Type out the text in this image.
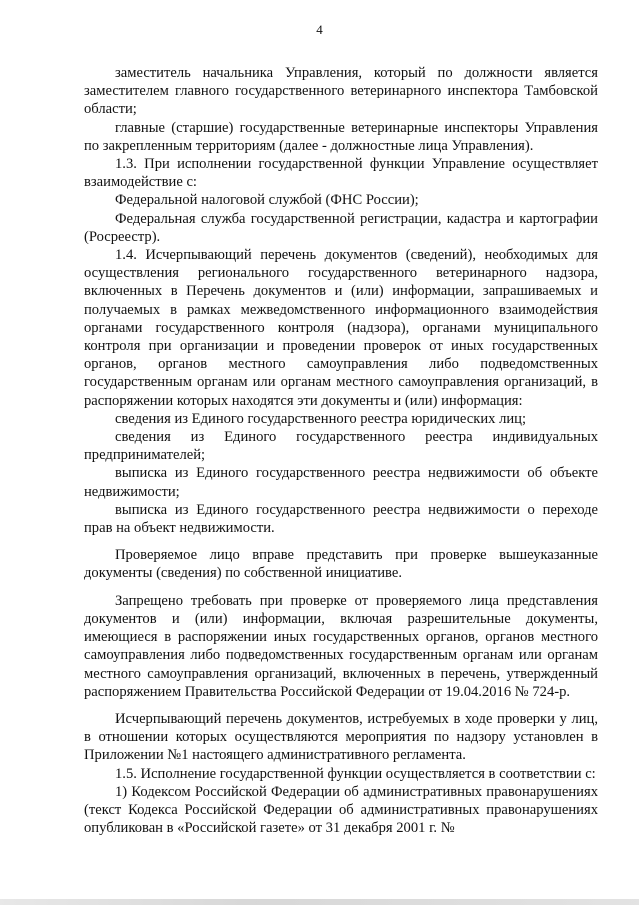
4

заместитель начальника Управления, который по должности является заместителем главного государственного ветеринарного инспектора Тамбовской области;

главные (старшие) государственные ветеринарные инспекторы Управления по закрепленным территориям (далее - должностные лица Управления).

1.3. При исполнении государственной функции Управление осуществляет взаимодействие с:

Федеральной налоговой службой (ФНС России);

Федеральная служба государственной регистрации, кадастра и картографии (Росреестр).

1.4. Исчерпывающий перечень документов (сведений), необходимых для осуществления регионального государственного ветеринарного надзора, включенных в Перечень документов и (или) информации, запрашиваемых и получаемых в рамках межведомственного информационного взаимодействия органами государственного контроля (надзора), органами муниципального контроля при организации и проведении проверок от иных государственных органов, органов местного самоуправления либо подведомственных государственным органам или органам местного самоуправления организаций, в распоряжении которых находятся эти документы и (или) информация:

сведения из Единого государственного реестра юридических лиц;

сведения из Единого государственного реестра индивидуальных предпринимателей;

выписка из Единого государственного реестра недвижимости об объекте недвижимости;

выписка из Единого государственного реестра недвижимости о переходе прав на объект недвижимости.

Проверяемое лицо вправе представить при проверке вышеуказанные документы (сведения) по собственной инициативе.

Запрещено требовать при проверке от проверяемого лица представления документов и (или) информации, включая разрешительные документы, имеющиеся в распоряжении иных государственных органов, органов местного самоуправления либо подведомственных государственным органам или органам местного самоуправления организаций, включенных в перечень, утвержденный распоряжением Правительства Российской Федерации от 19.04.2016 № 724-р.

Исчерпывающий перечень документов, истребуемых в ходе проверки у лиц, в отношении которых осуществляются мероприятия по надзору установлен в Приложении №1 настоящего административного регламента.

1.5. Исполнение государственной функции осуществляется в соответствии с:

1) Кодексом Российской Федерации об административных правонарушениях (текст Кодекса Российской Федерации об административных правонарушениях опубликован в «Российской газете» от 31 декабря 2001 г. №
